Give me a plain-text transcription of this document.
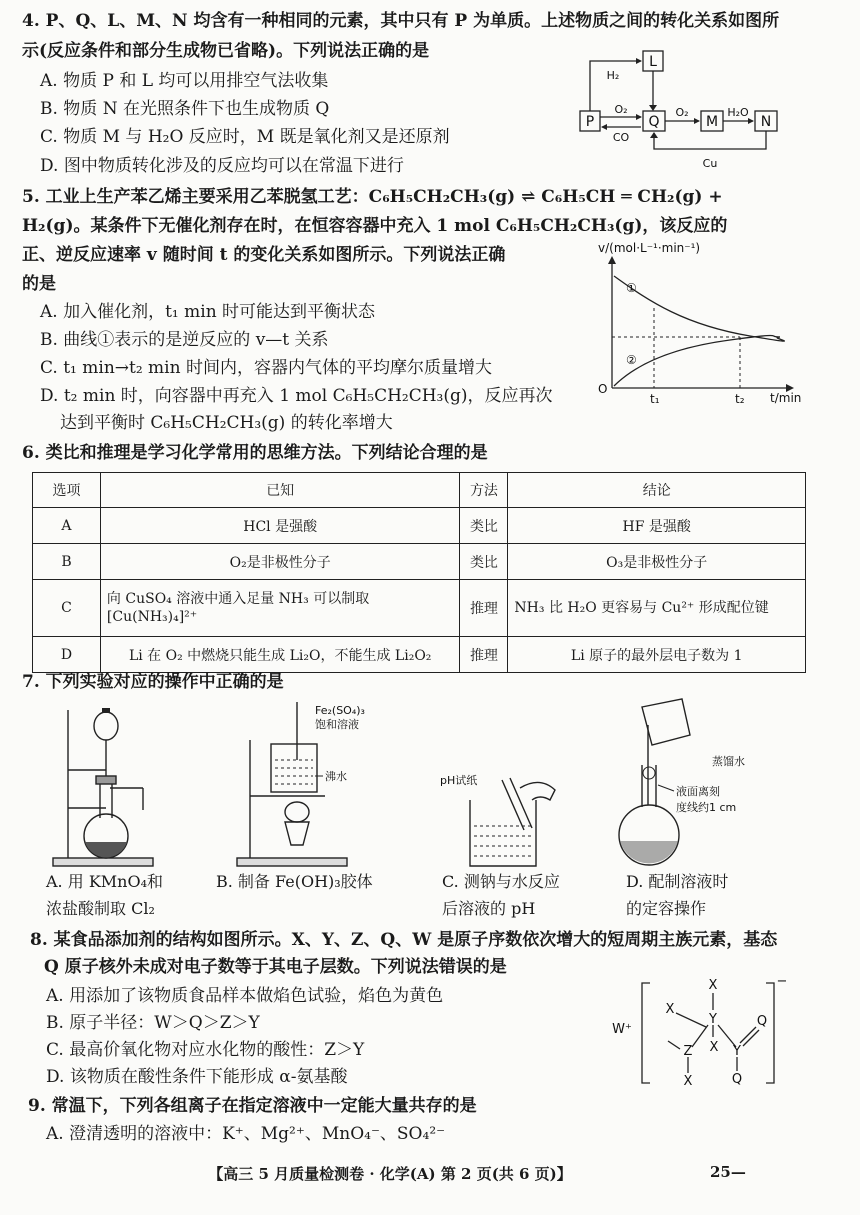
4. P、Q、L、M、N 均含有一种相同的元素，其中只有 P 为单质。上述物质之间的转化关系如图所
示(反应条件和部分生成物已省略)。下列说法正确的是
A. 物质 P 和 L 均可以用排空气法收集
B. 物质 N 在光照条件下也生成物质 Q
C. 物质 M 与 H₂O 反应时，M 既是氧化剂又是还原剂
D. 图中物质转化涉及的反应均可以在常温下进行
L
P	Q	M	N
H₂
O₂
CO
O₂	H₂O
Cu
5. 工业上生产苯乙烯主要采用乙苯脱氢工艺：C₆H₅CH₂CH₃(g) ⇌ C₆H₅CH ═ CH₂(g) +
H₂(g)。某条件下无催化剂存在时，在恒容容器中充入 1 mol C₆H₅CH₂CH₃(g)，该反应的
正、逆反应速率 v 随时间 t 的变化关系如图所示。下列说法正确
的是
A. 加入催化剂，t₁ min 时可能达到平衡状态
B. 曲线①表示的是逆反应的 v—t 关系
C. t₁ min→t₂ min 时间内，容器内气体的平均摩尔质量增大
D. t₂ min 时，向容器中再充入 1 mol C₆H₅CH₂CH₃(g)，反应再次
达到平衡时 C₆H₅CH₂CH₃(g) 的转化率增大
v/(mol·L⁻¹·min⁻¹)
t/min
O
t₁	t₂
①
②
6. 类比和推理是学习化学常用的思维方法。下列结论合理的是
选项	已知	方法	结论
A	HCl 是强酸	类比	HF 是强酸
B	O₂是非极性分子	类比	O₃是非极性分子
C	向 CuSO₄ 溶液中通入足量 NH₃ 可以制取 [Cu(NH₃)₄]²⁺	推理	NH₃ 比 H₂O 更容易与 Cu²⁺ 形成配位键
D	Li 在 O₂ 中燃烧只能生成 Li₂O，不能生成 Li₂O₂	推理	Li 原子的最外层电子数为 1
7. 下列实验对应的操作中正确的是
Fe₂(SO₄)₃
饱和溶液
沸水	pH试纸
蒸馏水
液面离刻
度线约1 cm
A. 用 KMnO₄和
浓盐酸制取 Cl₂
B. 制备 Fe(OH)₃胶体	C. 测钠与水反应
后溶液的 pH
D. 配制溶液时
的定容操作
8. 某食品添加剂的结构如图所示。X、Y、Z、Q、W 是原子序数依次增大的短周期主族元素，基态
Q 原子核外未成对电子数等于其电子层数。下列说法错误的是
A. 用添加了该物质食品样本做焰色试验，焰色为黄色
B. 原子半径：W＞Q＞Z＞Y
C. 最高价氧化物对应水化物的酸性：Z＞Y
D. 该物质在酸性条件下能形成 α-氨基酸
W⁺
X
X
Y
X
Z	Y
Q
Q
X
−
9. 常温下，下列各组离子在指定溶液中一定能大量共存的是
A. 澄清透明的溶液中：K⁺、Mg²⁺、MnO₄⁻、SO₄²⁻
【高三 5 月质量检测卷 · 化学(A) 第 2 页(共 6 页)】	25—
